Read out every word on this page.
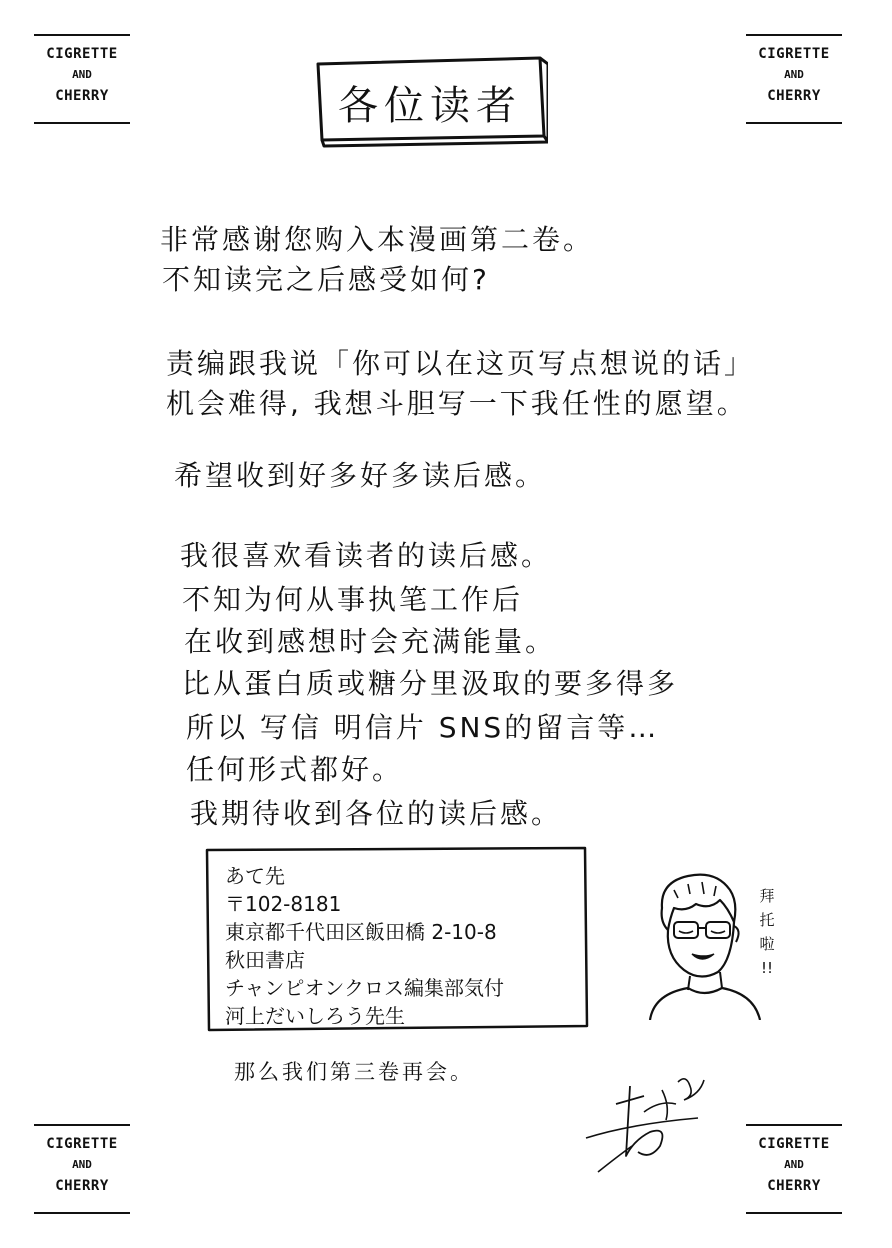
CIGRETTE
AND
CHERRY
CIGRETTE
AND
CHERRY
各位读者
非常感谢您购入本漫画第二卷。
不知读完之后感受如何?
责编跟我说「你可以在这页写点想说的话」
机会难得, 我想斗胆写一下我任性的愿望。
希望收到好多好多读后感。
我很喜欢看读者的读后感。
不知为何从事执笔工作后
在收到感想时会充满能量。
比从蛋白质或糖分里汲取的要多得多
所以 写信 明信片 SNS的留言等…
任何形式都好。
我期待收到各位的读后感。
あて先
〒102-8181
東京都千代田区飯田橋 2-10-8
秋田書店
チャンピオンクロス編集部気付
河上だいしろう先生
拜
托
啦
!!
那么我们第三卷再会。
CIGRETTE
AND
CHERRY
CIGRETTE
AND
CHERRY
